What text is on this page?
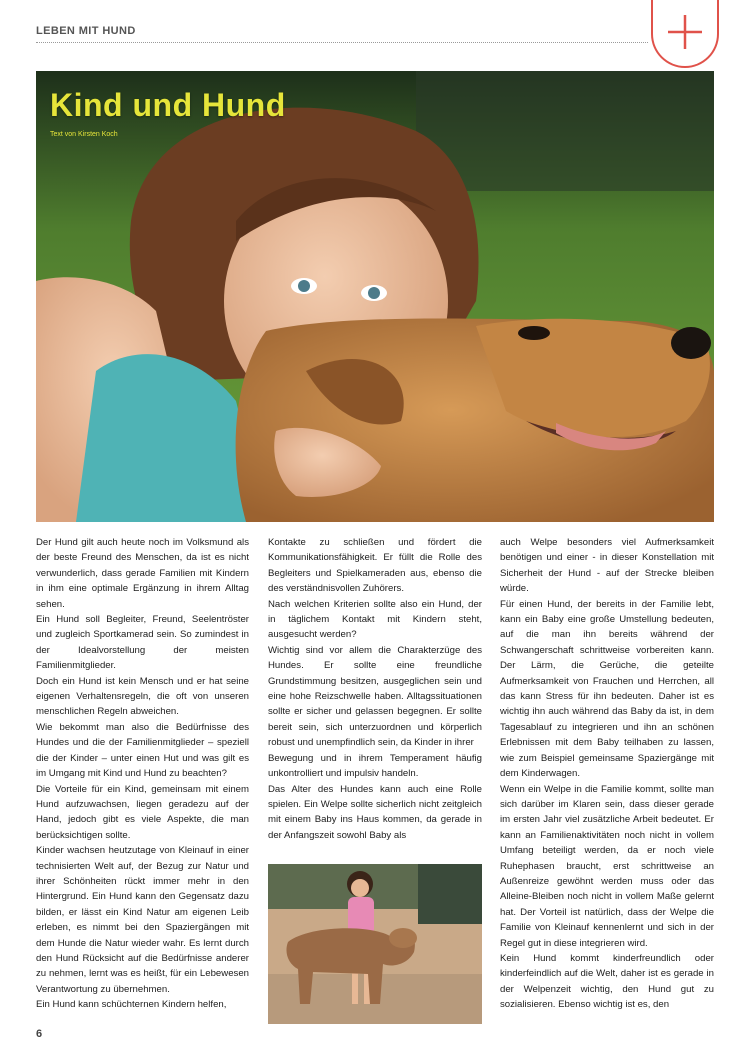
LEBEN MIT HUND
Kind und Hund
Text von Kirsten Koch

Der Hund gilt auch heute noch im Volksmund als der beste Freund des Menschen, da ist es nicht verwunderlich, dass gerade Familien mit Kindern in ihm eine optimale Ergänzung in ihrem Alltag sehen.

Ein Hund soll Begleiter, Freund, Seelentröster und zugleich Sportkamerad sein. So zumindest in der Idealvorstellung der meisten Familienmitglieder.

Doch ein Hund ist kein Mensch und er hat seine eigenen Verhaltensregeln, die oft von unseren menschlichen Regeln abweichen.

Wie bekommt man also die Bedürfnisse des Hundes und die der Familienmitglieder – speziell die der Kinder – unter einen Hut und was gilt es im Umgang mit Kind und Hund zu beachten?

Die Vorteile für ein Kind, gemeinsam mit einem Hund aufzuwachsen, liegen geradezu auf der Hand, jedoch gibt es viele Aspekte, die man berücksichtigen sollte.

Kinder wachsen heutzutage von Kleinauf in einer technisierten Welt auf, der Bezug zur Natur und ihrer Schönheiten rückt immer mehr in den Hintergrund. Ein Hund kann den Gegensatz dazu bilden, er lässt ein Kind Natur am eigenen Leib erleben, es nimmt bei den Spaziergängen mit dem Hunde die Natur wieder wahr. Es lernt durch den Hund Rücksicht auf die Bedürfnisse anderer zu nehmen, lernt was es heißt, für ein Lebewesen Verantwortung zu übernehmen.

Ein Hund kann schüchternen Kindern helfen,

Kontakte zu schließen und fördert die Kommunikationsfähigkeit. Er füllt die Rolle des Begleiters und Spielkameraden aus, ebenso die des verständnisvollen Zuhörers.

Nach welchen Kriterien sollte also ein Hund, der in täglichem Kontakt mit Kindern steht, ausgesucht werden?

Wichtig sind vor allem die Charakterzüge des Hundes. Er sollte eine freundliche Grundstimmung besitzen, ausgeglichen sein und eine hohe Reizschwelle haben. Alltagssituationen sollte er sicher und gelassen begegnen. Er sollte bereit sein, sich unterzuordnen und körperlich robust und unempfindlich sein, da Kinder in ihrer

Bewegung und in ihrem Temperament häufig unkontrolliert und impulsiv handeln.

Das Alter des Hundes kann auch eine Rolle spielen. Ein Welpe sollte sicherlich nicht zeitgleich mit einem Baby ins Haus kommen, da gerade in der Anfangszeit sowohl Baby als

auch Welpe besonders viel Aufmerksamkeit benötigen und einer - in dieser Konstellation mit Sicherheit der Hund - auf der Strecke bleiben würde.

Für einen Hund, der bereits in der Familie lebt, kann ein Baby eine große Umstellung bedeuten, auf die man ihn bereits während der Schwangerschaft schrittweise vorbereiten kann. Der Lärm, die Gerüche, die geteilte Aufmerksamkeit von Frauchen und Herrchen, all das kann Stress für ihn bedeuten. Daher ist es wichtig ihn auch während das Baby da ist, in dem Tagesablauf zu integrieren und ihn an schönen Erlebnissen mit dem Baby teilhaben zu lassen, wie zum Beispiel gemeinsame Spaziergänge mit dem Kinderwagen.

Wenn ein Welpe in die Familie kommt, sollte man sich darüber im Klaren sein, dass dieser gerade im ersten Jahr viel zusätzliche Arbeit bedeutet. Er kann an Familienaktivitäten noch nicht in vollem Umfang beteiligt werden, da er noch viele Ruhephasen braucht, erst schrittweise an Außenreize gewöhnt werden muss oder das Alleine-Bleiben noch nicht in vollem Maße gelernt hat. Der Vorteil ist natürlich, dass der Welpe die Familie von Kleinauf kennenlernt und sich in der Regel gut in diese integrieren wird.

Kein Hund kommt kinderfreundlich oder kinderfeindlich auf die Welt, daher ist es gerade in der Welpenzeit wichtig, den Hund gut zu sozialisieren. Ebenso wichtig ist es, den

6
